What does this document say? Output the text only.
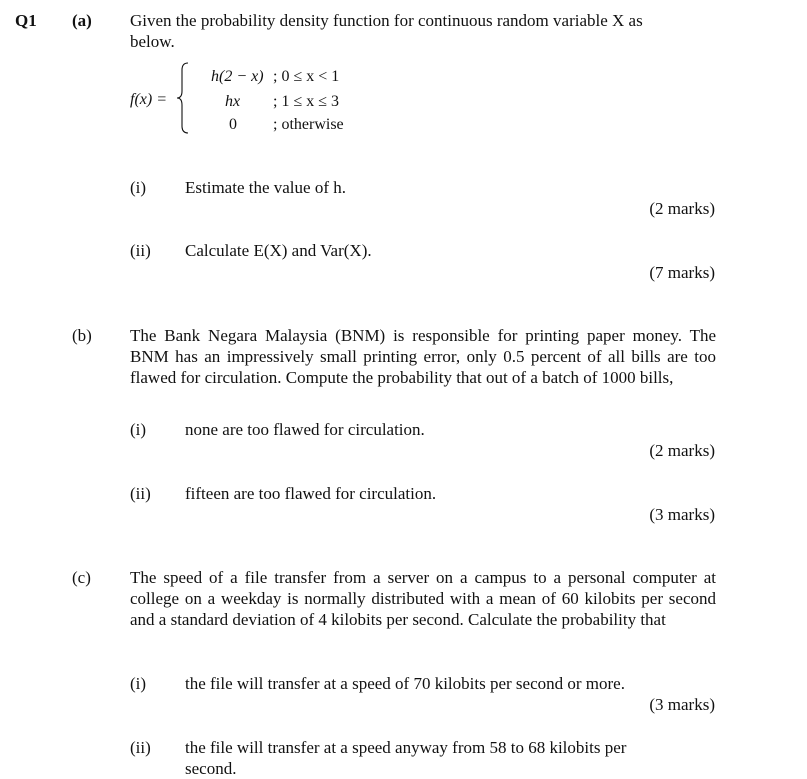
Q1 (a) Given the probability density function for continuous random variable X as
below.
f(x) =
h(2 − x) ; 0 ≤ x < 1
hx ; 1 ≤ x ≤ 3
0 ; otherwise
(i) Estimate the value of h.
(2 marks)
(ii) Calculate E(X) and Var(X).
(7 marks)
(b) The Bank Negara Malaysia (BNM) is responsible for printing paper money. The BNM has an impressively small printing error, only 0.5 percent of all bills are too flawed for circulation. Compute the probability that out of a batch of 1000 bills,
(i) none are too flawed for circulation.
(2 marks)
(ii) fifteen are too flawed for circulation.
(3 marks)
(c) The speed of a file transfer from a server on a campus to a personal computer at college on a weekday is normally distributed with a mean of 60 kilobits per second and a standard deviation of 4 kilobits per second. Calculate the probability that
(i) the file will transfer at a speed of 70 kilobits per second or more.
(3 marks)
(ii) the file will transfer at a speed anyway from 58 to 68 kilobits per
second.
